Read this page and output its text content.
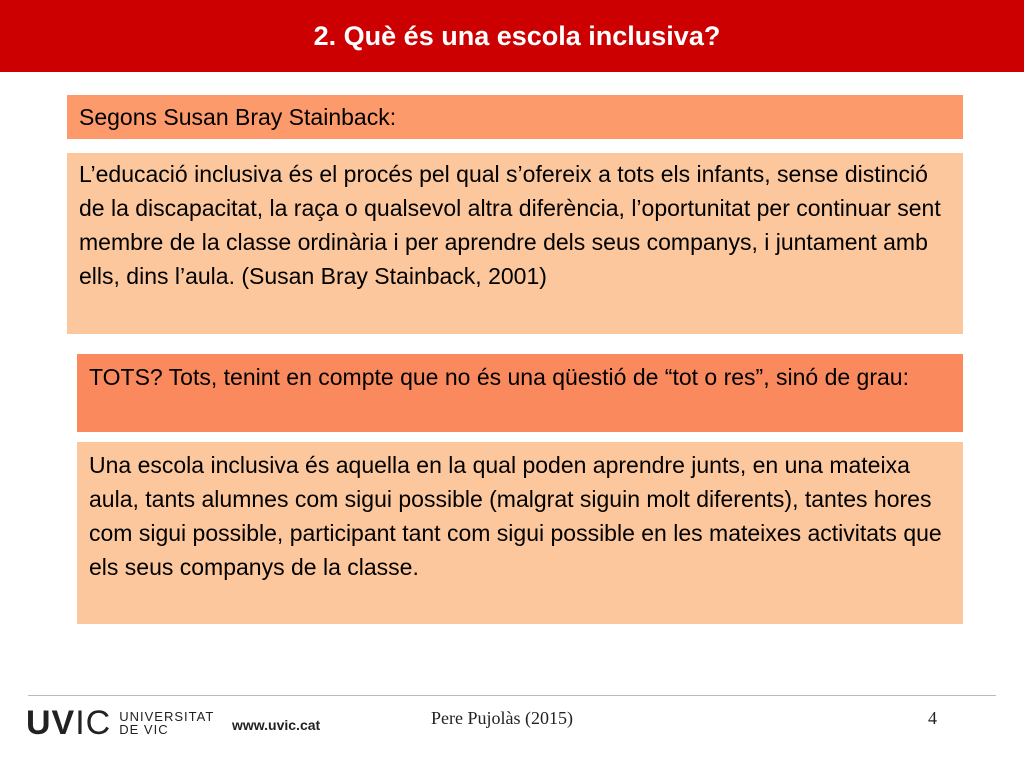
2. Què és una escola inclusiva?

Segons Susan Bray Stainback:

L’educació inclusiva és el procés pel qual s’ofereix a tots els infants, sense distinció de la discapacitat, la raça o qualsevol altra diferència, l’oportunitat per continuar sent membre de la classe ordinària i per aprendre dels seus companys, i juntament amb ells, dins l’aula. (Susan Bray Stainback, 2001)

TOTS? Tots, tenint en compte que no és una qüestió de “tot o res”, sinó de grau:

Una escola inclusiva és aquella en la qual poden aprendre junts, en una mateixa aula, tants alumnes com sigui possible (malgrat siguin molt diferents), tantes hores com sigui possible, participant tant com sigui possible en les mateixes activitats que els seus companys de la classe.

UVIC UNIVERSITAT
DE VIC	www.uvic.cat	Pere Pujolàs (2015)	4
